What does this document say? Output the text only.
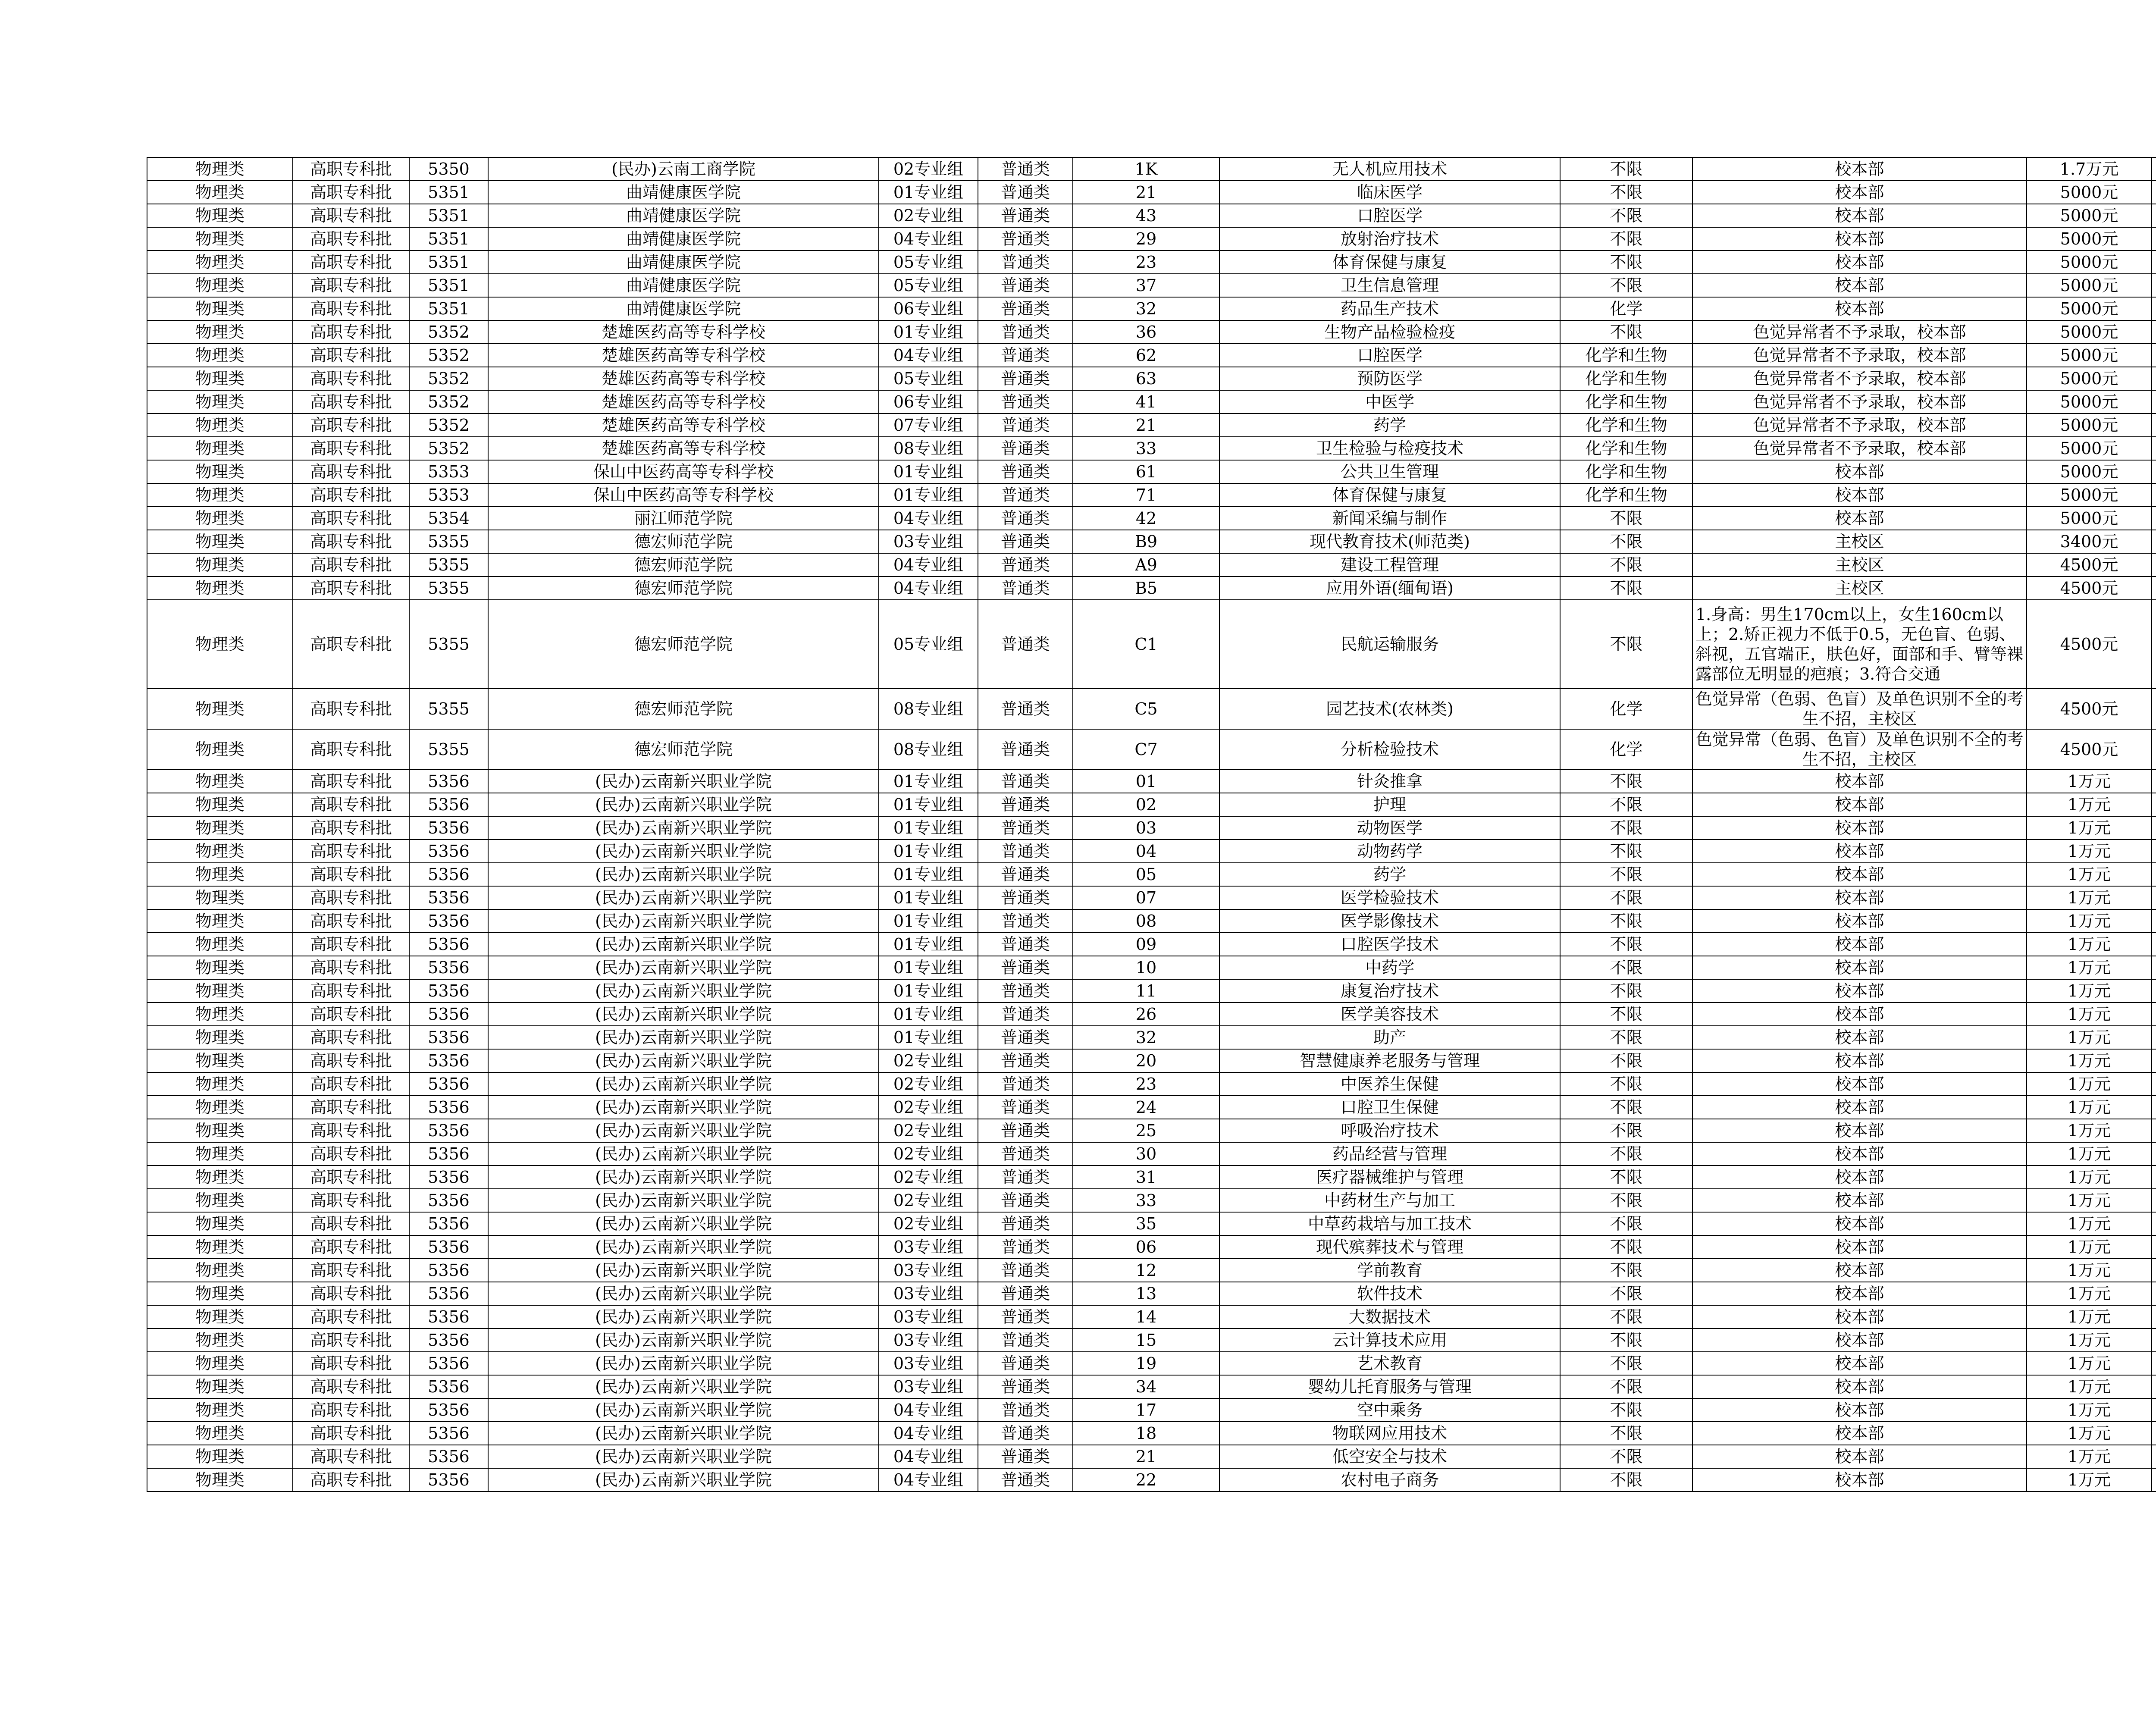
物理类	高职专科批	5350	(民办)云南工商学院	02专业组	普通类	1K	无人机应用技术	不限	校本部	1.7万元	
物理类	高职专科批	5351	曲靖健康医学院	01专业组	普通类	21	临床医学	不限	校本部	5000元	
物理类	高职专科批	5351	曲靖健康医学院	02专业组	普通类	43	口腔医学	不限	校本部	5000元	
物理类	高职专科批	5351	曲靖健康医学院	04专业组	普通类	29	放射治疗技术	不限	校本部	5000元	
物理类	高职专科批	5351	曲靖健康医学院	05专业组	普通类	23	体育保健与康复	不限	校本部	5000元	
物理类	高职专科批	5351	曲靖健康医学院	05专业组	普通类	37	卫生信息管理	不限	校本部	5000元	
物理类	高职专科批	5351	曲靖健康医学院	06专业组	普通类	32	药品生产技术	化学	校本部	5000元	
物理类	高职专科批	5352	楚雄医药高等专科学校	01专业组	普通类	36	生物产品检验检疫	不限	色觉异常者不予录取，校本部	5000元	
物理类	高职专科批	5352	楚雄医药高等专科学校	04专业组	普通类	62	口腔医学	化学和生物	色觉异常者不予录取，校本部	5000元	
物理类	高职专科批	5352	楚雄医药高等专科学校	05专业组	普通类	63	预防医学	化学和生物	色觉异常者不予录取，校本部	5000元	
物理类	高职专科批	5352	楚雄医药高等专科学校	06专业组	普通类	41	中医学	化学和生物	色觉异常者不予录取，校本部	5000元	
物理类	高职专科批	5352	楚雄医药高等专科学校	07专业组	普通类	21	药学	化学和生物	色觉异常者不予录取，校本部	5000元	
物理类	高职专科批	5352	楚雄医药高等专科学校	08专业组	普通类	33	卫生检验与检疫技术	化学和生物	色觉异常者不予录取，校本部	5000元	
物理类	高职专科批	5353	保山中医药高等专科学校	01专业组	普通类	61	公共卫生管理	化学和生物	校本部	5000元	
物理类	高职专科批	5353	保山中医药高等专科学校	01专业组	普通类	71	体育保健与康复	化学和生物	校本部	5000元	
物理类	高职专科批	5354	丽江师范学院	04专业组	普通类	42	新闻采编与制作	不限	校本部	5000元	
物理类	高职专科批	5355	德宏师范学院	03专业组	普通类	B9	现代教育技术(师范类)	不限	主校区	3400元	
物理类	高职专科批	5355	德宏师范学院	04专业组	普通类	A9	建设工程管理	不限	主校区	4500元	
物理类	高职专科批	5355	德宏师范学院	04专业组	普通类	B5	应用外语(缅甸语)	不限	主校区	4500元	
物理类	高职专科批	5355	德宏师范学院	05专业组	普通类	C1	民航运输服务	不限	1.身高：男生170cm以上，女生160cm以上；2.矫正视力不低于0.5，无色盲、色弱、斜视，五官端正，肤色好，面部和手、臂等裸露部位无明显的疤痕；3.符合交通	4500元	
物理类	高职专科批	5355	德宏师范学院	08专业组	普通类	C5	园艺技术(农林类)	化学	色觉异常（色弱、色盲）及单色识别不全的考生不招，主校区	4500元	
物理类	高职专科批	5355	德宏师范学院	08专业组	普通类	C7	分析检验技术	化学	色觉异常（色弱、色盲）及单色识别不全的考生不招，主校区	4500元	
物理类	高职专科批	5356	(民办)云南新兴职业学院	01专业组	普通类	01	针灸推拿	不限	校本部	1万元	
物理类	高职专科批	5356	(民办)云南新兴职业学院	01专业组	普通类	02	护理	不限	校本部	1万元	
物理类	高职专科批	5356	(民办)云南新兴职业学院	01专业组	普通类	03	动物医学	不限	校本部	1万元	
物理类	高职专科批	5356	(民办)云南新兴职业学院	01专业组	普通类	04	动物药学	不限	校本部	1万元	
物理类	高职专科批	5356	(民办)云南新兴职业学院	01专业组	普通类	05	药学	不限	校本部	1万元	
物理类	高职专科批	5356	(民办)云南新兴职业学院	01专业组	普通类	07	医学检验技术	不限	校本部	1万元	
物理类	高职专科批	5356	(民办)云南新兴职业学院	01专业组	普通类	08	医学影像技术	不限	校本部	1万元	
物理类	高职专科批	5356	(民办)云南新兴职业学院	01专业组	普通类	09	口腔医学技术	不限	校本部	1万元	
物理类	高职专科批	5356	(民办)云南新兴职业学院	01专业组	普通类	10	中药学	不限	校本部	1万元	
物理类	高职专科批	5356	(民办)云南新兴职业学院	01专业组	普通类	11	康复治疗技术	不限	校本部	1万元	
物理类	高职专科批	5356	(民办)云南新兴职业学院	01专业组	普通类	26	医学美容技术	不限	校本部	1万元	
物理类	高职专科批	5356	(民办)云南新兴职业学院	01专业组	普通类	32	助产	不限	校本部	1万元	
物理类	高职专科批	5356	(民办)云南新兴职业学院	02专业组	普通类	20	智慧健康养老服务与管理	不限	校本部	1万元	
物理类	高职专科批	5356	(民办)云南新兴职业学院	02专业组	普通类	23	中医养生保健	不限	校本部	1万元	
物理类	高职专科批	5356	(民办)云南新兴职业学院	02专业组	普通类	24	口腔卫生保健	不限	校本部	1万元	
物理类	高职专科批	5356	(民办)云南新兴职业学院	02专业组	普通类	25	呼吸治疗技术	不限	校本部	1万元	
物理类	高职专科批	5356	(民办)云南新兴职业学院	02专业组	普通类	30	药品经营与管理	不限	校本部	1万元	
物理类	高职专科批	5356	(民办)云南新兴职业学院	02专业组	普通类	31	医疗器械维护与管理	不限	校本部	1万元	
物理类	高职专科批	5356	(民办)云南新兴职业学院	02专业组	普通类	33	中药材生产与加工	不限	校本部	1万元	
物理类	高职专科批	5356	(民办)云南新兴职业学院	02专业组	普通类	35	中草药栽培与加工技术	不限	校本部	1万元	
物理类	高职专科批	5356	(民办)云南新兴职业学院	03专业组	普通类	06	现代殡葬技术与管理	不限	校本部	1万元	
物理类	高职专科批	5356	(民办)云南新兴职业学院	03专业组	普通类	12	学前教育	不限	校本部	1万元	
物理类	高职专科批	5356	(民办)云南新兴职业学院	03专业组	普通类	13	软件技术	不限	校本部	1万元	
物理类	高职专科批	5356	(民办)云南新兴职业学院	03专业组	普通类	14	大数据技术	不限	校本部	1万元	
物理类	高职专科批	5356	(民办)云南新兴职业学院	03专业组	普通类	15	云计算技术应用	不限	校本部	1万元	
物理类	高职专科批	5356	(民办)云南新兴职业学院	03专业组	普通类	19	艺术教育	不限	校本部	1万元	
物理类	高职专科批	5356	(民办)云南新兴职业学院	03专业组	普通类	34	婴幼儿托育服务与管理	不限	校本部	1万元	
物理类	高职专科批	5356	(民办)云南新兴职业学院	04专业组	普通类	17	空中乘务	不限	校本部	1万元	
物理类	高职专科批	5356	(民办)云南新兴职业学院	04专业组	普通类	18	物联网应用技术	不限	校本部	1万元	
物理类	高职专科批	5356	(民办)云南新兴职业学院	04专业组	普通类	21	低空安全与技术	不限	校本部	1万元	
物理类	高职专科批	5356	(民办)云南新兴职业学院	04专业组	普通类	22	农村电子商务	不限	校本部	1万元	
